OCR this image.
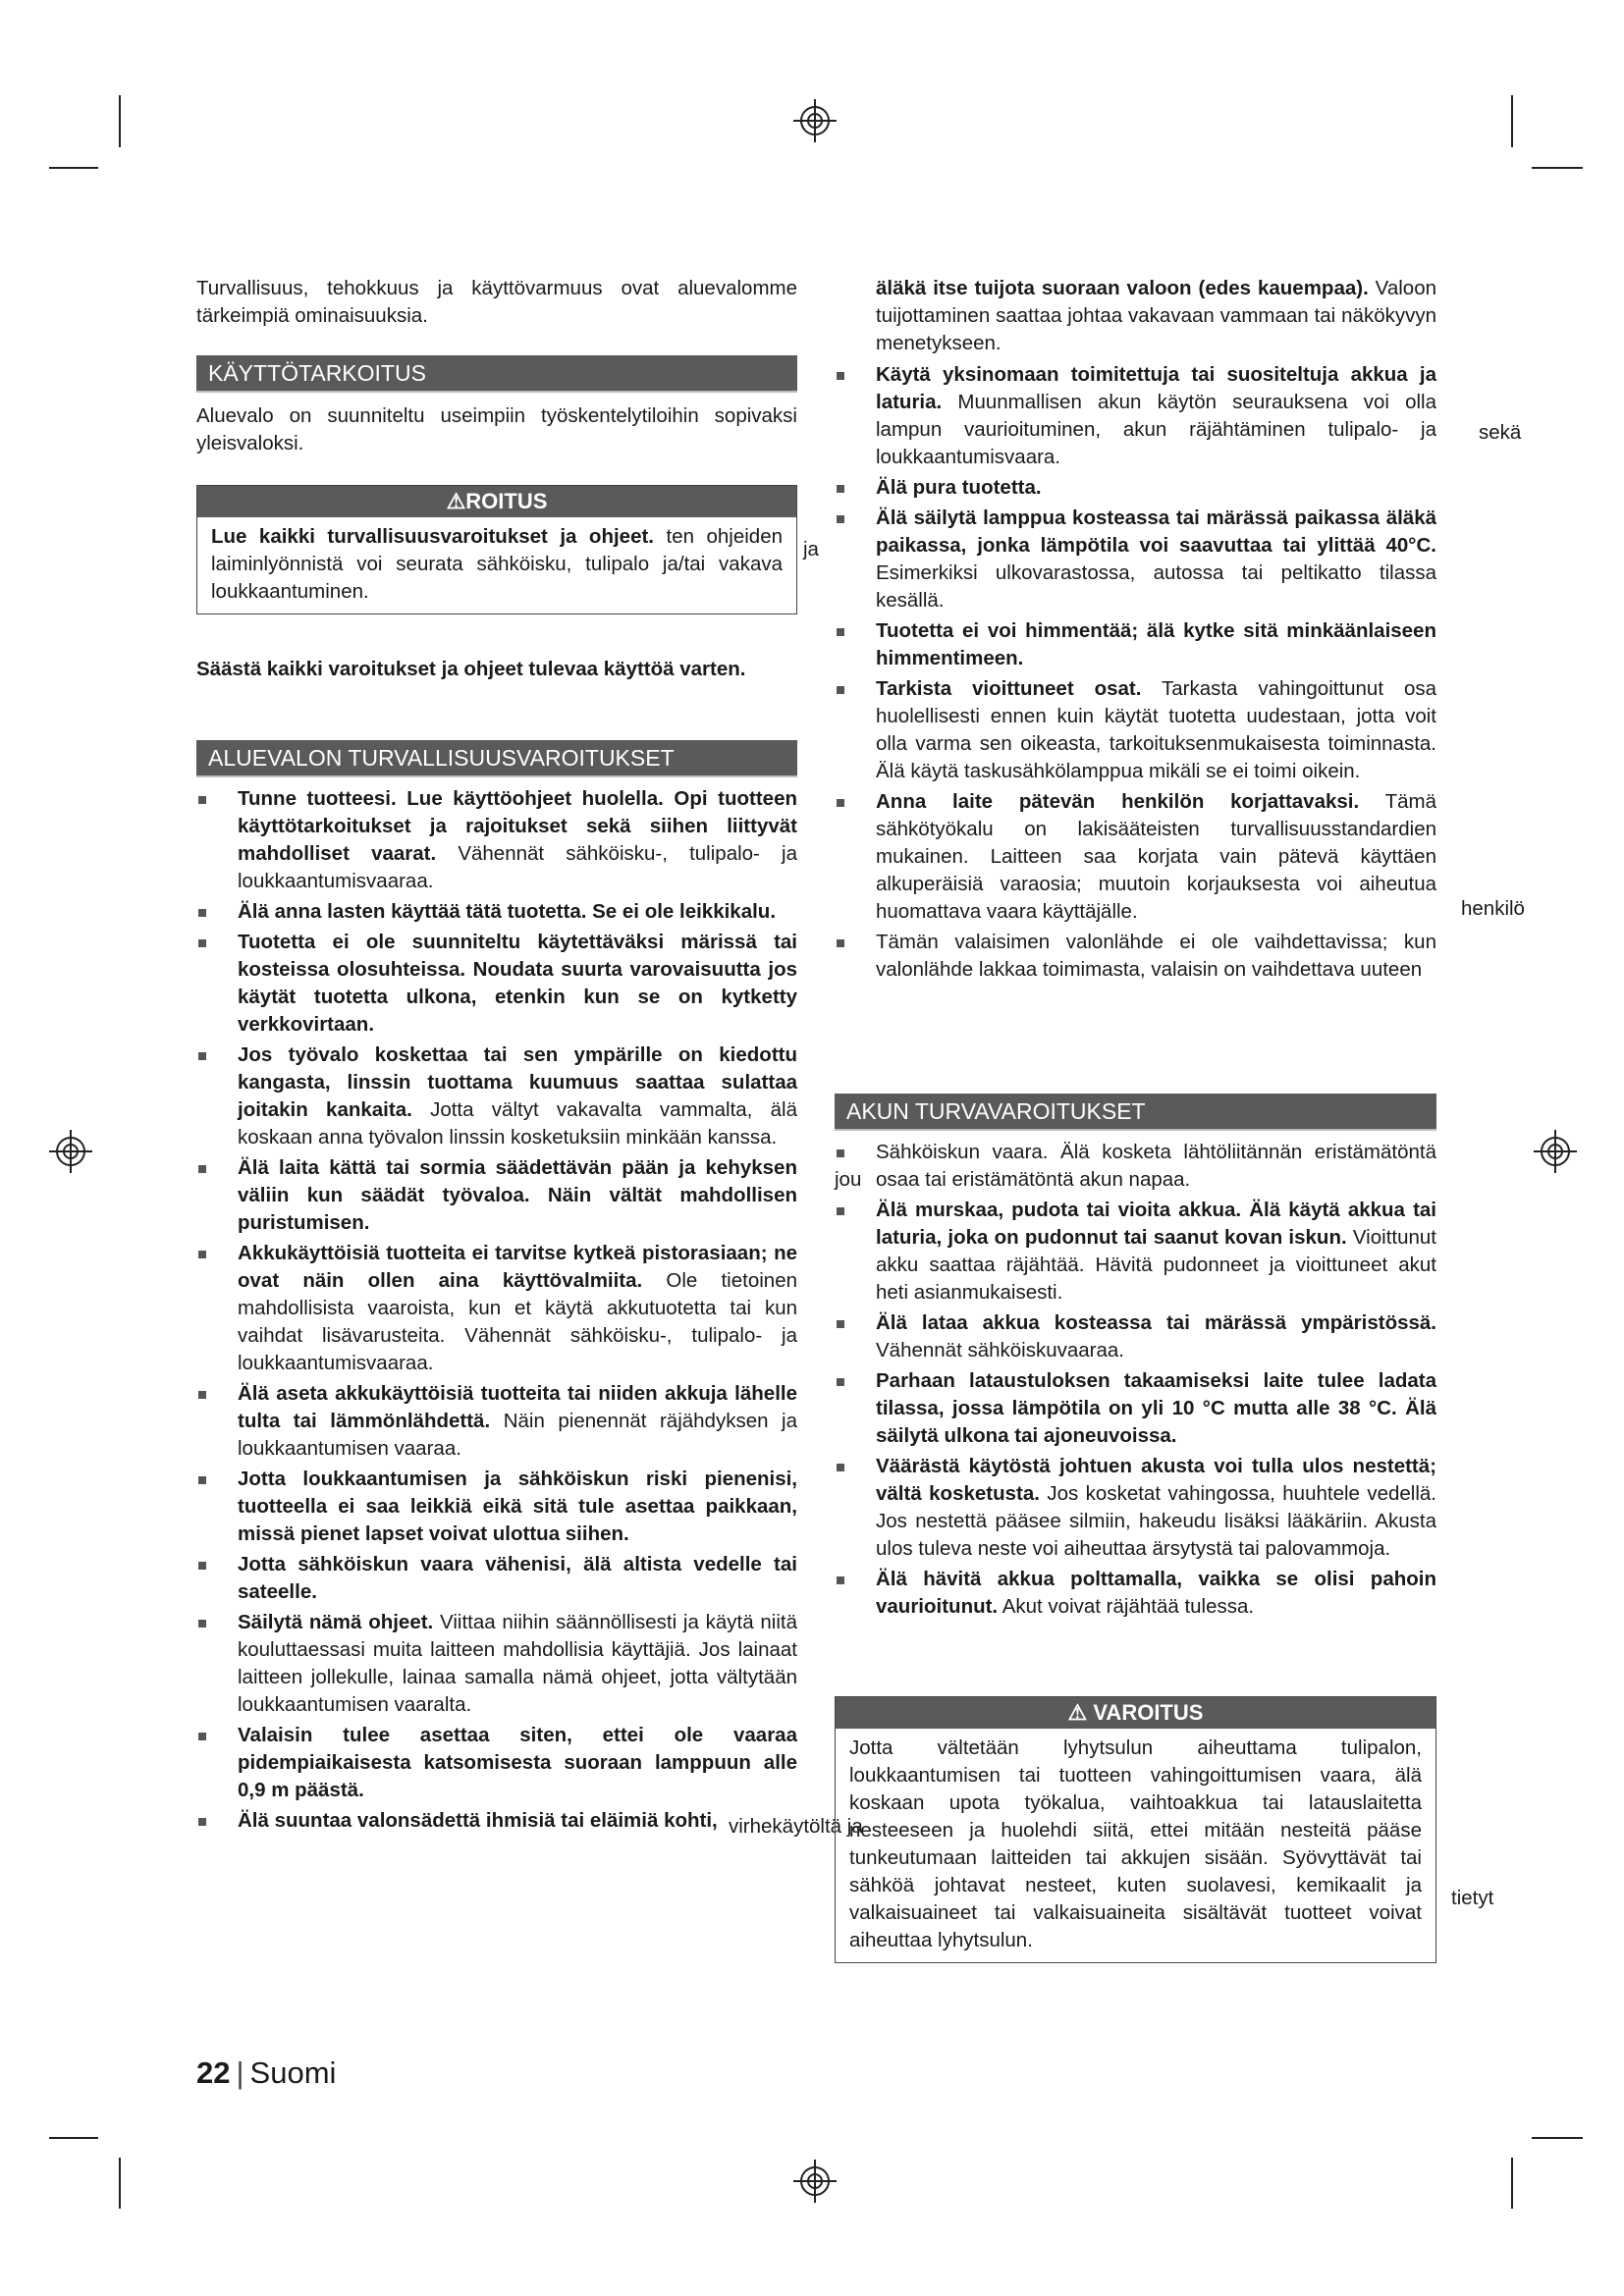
Turvallisuus, tehokkuus ja käyttövarmuus ovat aluevalomme tärkeimpiä ominaisuuksia.

KÄYTTÖTARKOITUS

Aluevalo on suunniteltu useimpiin työskentelytiloihin sopivaksi yleisvaloksi.

⚠ROITUS

Lue kaikki turvallisuusvaroitukset ja ohjeet. ten ohjeiden laiminlyönnistä voi seurata sähköisku, tulipalo ja/tai vakava loukkaantuminen.

ja

Säästä kaikki varoitukset ja ohjeet tulevaa käyttöä varten.

ALUEVALON TURVALLISUUSVAROITUKSET
Tunne tuotteesi. Lue käyttöohjeet huolella. Opi tuotteen käyttötarkoitukset ja rajoitukset sekä siihen liittyvät mahdolliset vaarat. Vähennät sähköisku-, tulipalo- ja loukkaantumisvaaraa.
Älä anna lasten käyttää tätä tuotetta. Se ei ole leikkikalu.
Tuotetta ei ole suunniteltu käytettäväksi märissä tai kosteissa olosuhteissa. Noudata suurta varovaisuutta jos käytät tuotetta ulkona, etenkin kun se on kytketty verkkovirtaan.
Jos työvalo koskettaa tai sen ympärille on kiedottu kangasta, linssin tuottama kuumuus saattaa sulattaa joitakin kankaita. Jotta vältyt vakavalta vammalta, älä koskaan anna työvalon linssin kosketuksiin minkään kanssa.
Älä laita kättä tai sormia säädettävän pään ja kehyksen väliin kun säädät työvaloa. Näin vältät mahdollisen puristumisen.
Akkukäyttöisiä tuotteita ei tarvitse kytkeä pistorasiaan; ne ovat näin ollen aina käyttövalmiita. Ole tietoinen mahdollisista vaaroista, kun et käytä akkutuotetta tai kun vaihdat lisävarusteita. Vähennät sähköisku-, tulipalo- ja loukkaantumisvaaraa.
Älä aseta akkukäyttöisiä tuotteita tai niiden akkuja lähelle tulta tai lämmönlähdettä. Näin pienennät räjähdyksen ja loukkaantumisen vaaraa.
Jotta loukkaantumisen ja sähköiskun riski pienenisi, tuotteella ei saa leikkiä eikä sitä tule asettaa paikkaan, missä pienet lapset voivat ulottua siihen.
Jotta sähköiskun vaara vähenisi, älä altista vedelle tai sateelle.
Säilytä nämä ohjeet. Viittaa niihin säännöllisesti ja käytä niitä kouluttaessasi muita laitteen mahdollisia käyttäjiä. Jos lainaat laitteen jollekulle, lainaa samalla nämä ohjeet, jotta vältytään loukkaantumisen vaaralta.
Valaisin tulee asettaa siten, ettei ole vaaraa pidempiaikaisesta katsomisesta suoraan lamppuun alle 0,9 m päästä.
Älä suuntaa valonsädettä ihmisiä tai eläimiä kohti, virhekäytöltä ja

äläkä itse tuijota suoraan valoon (edes kauempaa). Valoon tuijottaminen saattaa johtaa vakavaan vammaan tai näkökyvyn menetykseen.

Käytä yksinomaan toimitettuja tai suositeltuja akkua ja laturia. Muunmallisen akun käytön seurauksena voi olla lampun vaurioituminen, akun räjähtäminen tulipalo- ja loukkaantumisvaara.
Älä pura tuotetta.
Älä säilytä lamppua kosteassa tai märässä paikassa äläkä paikassa, jonka lämpötila voi saavuttaa tai ylittää 40°C. Esimerkiksi ulkovarastossa, autossa tai peltikatto tilassa kesällä.
Tuotetta ei voi himmentää; älä kytke sitä minkäänlaiseen himmentimeen.
Tarkista vioittuneet osat. Tarkasta vahingoittunut osa huolellisesti ennen kuin käytät tuotetta uudestaan, jotta voit olla varma sen oikeasta, tarkoituksenmukaisesta toiminnasta. Älä käytä taskusähkölamppua mikäli se ei toimi oikein.
Anna laite pätevän henkilön korjattavaksi. Tämä sähkötyökalu on lakisääteisten turvallisuusstandardien mukainen. Laitteen saa korjata vain pätevä käyttäen alkuperäisiä varaosia; muutoin korjauksesta voi aiheutua huomattava vaara käyttäjälle.
Tämän valaisimen valonlähde ei ole vaihdettavissa; kun valonlähde lakkaa toimimasta, valaisin on vaihdettava uuteen
sekä
henkilö
AKUN TURVAVAROITUKSET
Sähköiskun vaara. Älä kosketa lähtöliitännän eristämätöntä osaa tai eristämätöntä akun napaa.
Älä murskaa, pudota tai vioita akkua. Älä käytä akkua tai laturia, joka on pudonnut tai saanut kovan iskun. Vioittunut akku saattaa räjähtää. Hävitä pudonneet ja vioittuneet akut heti asianmukaisesti.
Älä lataa akkua kosteassa tai märässä ympäristössä. Vähennät sähköiskuvaaraa.
Parhaan lataustuloksen takaamiseksi laite tulee ladata tilassa, jossa lämpötila on yli 10 °C mutta alle 38 °C. Älä säilytä ulkona tai ajoneuvoissa.
Väärästä käytöstä johtuen akusta voi tulla ulos nestettä; vältä kosketusta. Jos kosketat vahingossa, huuhtele vedellä. Jos nestettä pääsee silmiin, hakeudu lisäksi lääkäriin. Akusta ulos tuleva neste voi aiheuttaa ärsytystä tai palovammoja.
Älä hävitä akkua polttamalla, vaikka se olisi pahoin vaurioitunut. Akut voivat räjähtää tulessa.
jou
⚠ VAROITUS

Jotta vältetään lyhytsulun aiheuttama tulipalon, loukkaantumisen tai tuotteen vahingoittumisen vaara, älä koskaan upota työkalua, vaihtoakkua tai latauslaitetta nesteeseen ja huolehdi siitä, ettei mitään nesteitä pääse tunkeutumaan laitteiden tai akkujen sisään. Syövyttävät tai sähköä johtavat nesteet, kuten suolavesi, kemikaalit ja valkaisuaineet tai valkaisuaineita sisältävät tuotteet voivat aiheuttaa lyhytsulun.

tietyt
22 | Suomi
